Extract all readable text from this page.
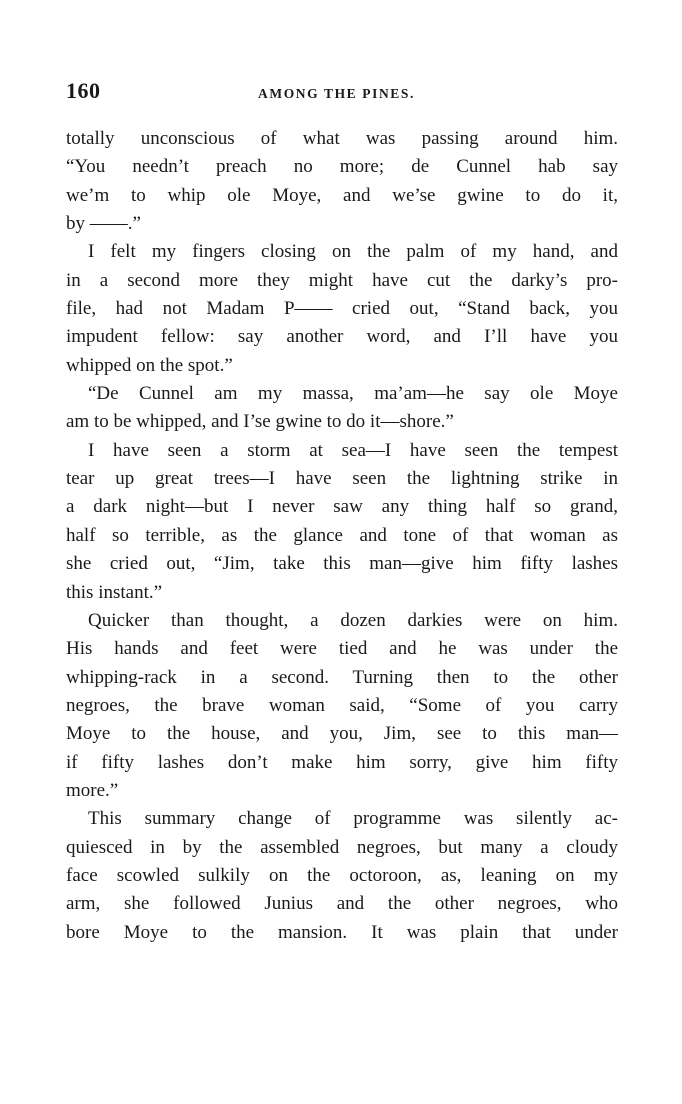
160	AMONG THE PINES.
totally unconscious of what was passing around him.
“You needn’t preach no more; de Cunnel hab say
we’m to whip ole Moye, and we’se gwine to do it,
by ——.”
I felt my fingers closing on the palm of my hand, and
in a second more they might have cut the darky’s pro-
file, had not Madam P—— cried out, “Stand back, you
impudent fellow: say another word, and I’ll have you
whipped on the spot.”
“De Cunnel am my massa, ma’am—he say ole Moye
am to be whipped, and I’se gwine to do it—shore.”
I have seen a storm at sea—I have seen the tempest
tear up great trees—I have seen the lightning strike in
a dark night—but I never saw any thing half so grand,
half so terrible, as the glance and tone of that woman as
she cried out, “Jim, take this man—give him fifty lashes
this instant.”
Quicker than thought, a dozen darkies were on him.
His hands and feet were tied and he was under the
whipping-rack in a second. Turning then to the other
negroes, the brave woman said, “Some of you carry
Moye to the house, and you, Jim, see to this man—
if fifty lashes don’t make him sorry, give him fifty
more.”
This summary change of programme was silently ac-
quiesced in by the assembled negroes, but many a cloudy
face scowled sulkily on the octoroon, as, leaning on my
arm, she followed Junius and the other negroes, who
bore Moye to the mansion. It was plain that under
